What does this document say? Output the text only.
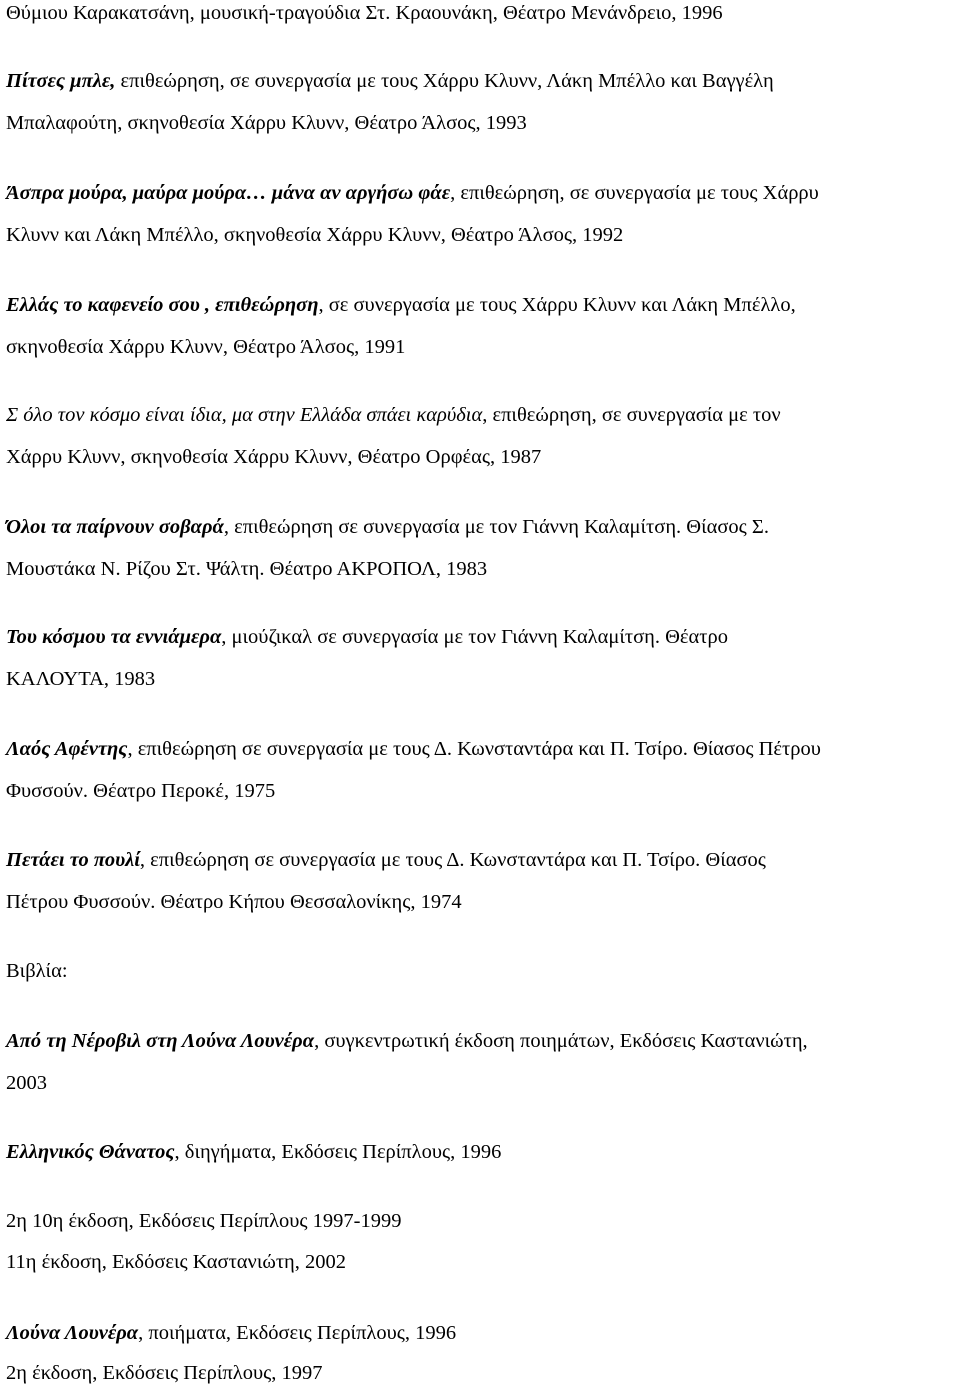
Θύμιου Καρακατσάνη, μουσική-τραγούδια Στ. Κραουνάκη, Θέατρο Μενάνδρειο, 1996
Πίτσες μπλε, επιθεώρηση, σε συνεργασία με τους Χάρρυ Κλυνν, Λάκη Μπέλλο και Βαγγέλη
Μπαλαφούτη, σκηνοθεσία Χάρρυ Κλυνν, Θέατρο Άλσος, 1993
Άσπρα μούρα, μαύρα μούρα… μάνα αν αργήσω φάε, επιθεώρηση, σε συνεργασία με τους Χάρρυ
Κλυνν και Λάκη Μπέλλο, σκηνοθεσία Χάρρυ Κλυνν, Θέατρο Άλσος, 1992
Ελλάς το καφενείο σου , επιθεώρηση, σε συνεργασία με τους Χάρρυ Κλυνν και Λάκη Μπέλλο,
σκηνοθεσία Χάρρυ Κλυνν, Θέατρο Άλσος, 1991
Σ όλο τον κόσμο είναι ίδια, μα στην Ελλάδα σπάει καρύδια, επιθεώρηση, σε συνεργασία με τον
Χάρρυ Κλυνν, σκηνοθεσία Χάρρυ Κλυνν, Θέατρο Ορφέας, 1987
Όλοι τα παίρνουν σοβαρά, επιθεώρηση σε συνεργασία με τον Γιάννη Καλαμίτση. Θίασος Σ.
Μουστάκα Ν. Ρίζου Στ. Ψάλτη. Θέατρο ΑΚΡΟΠΟΛ, 1983
Του κόσμου τα εννιάμερα, μιούζικαλ σε συνεργασία με τον Γιάννη Καλαμίτση. Θέατρο
ΚΑΛΟΥΤΑ, 1983
Λαός Αφέντης, επιθεώρηση σε συνεργασία με τους Δ. Κωνσταντάρα και Π. Τσίρο. Θίασος Πέτρου
Φυσσούν. Θέατρο Περοκέ, 1975
Πετάει το πουλί, επιθεώρηση σε συνεργασία με τους Δ. Κωνσταντάρα και Π. Τσίρο. Θίασος
Πέτρου Φυσσούν. Θέατρο Κήπου Θεσσαλονίκης, 1974
Βιβλία:
Από τη Νέροβιλ στη Λούνα Λουνέρα, συγκεντρωτική έκδοση ποιημάτων, Εκδόσεις Καστανιώτη,
2003
Ελληνικός Θάνατος, διηγήματα, Εκδόσεις Περίπλους, 1996
2η 10η έκδοση, Εκδόσεις Περίπλους 1997-1999
11η έκδοση, Εκδόσεις Καστανιώτη, 2002
Λούνα Λουνέρα, ποιήματα, Εκδόσεις Περίπλους, 1996
2η έκδοση, Εκδόσεις Περίπλους, 1997
